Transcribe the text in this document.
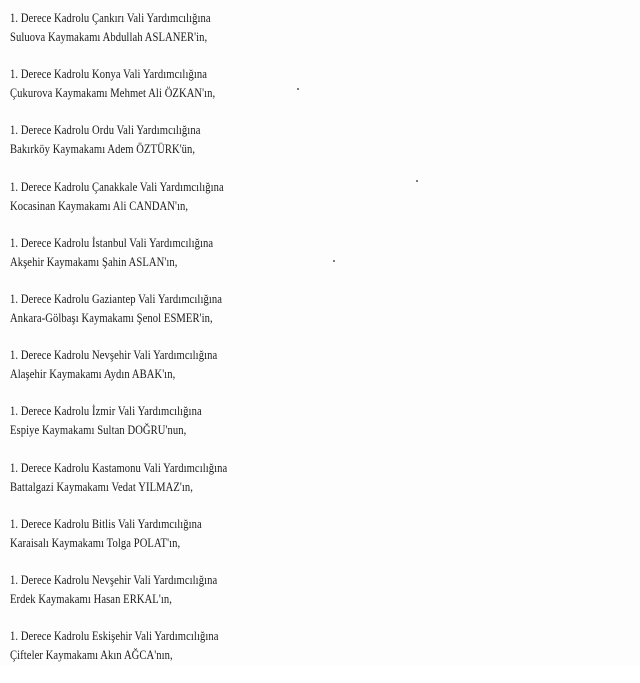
1. Derece Kadrolu Çankırı Vali Yardımcılığına
Suluova Kaymakamı Abdullah ASLANER'in,
1. Derece Kadrolu Konya Vali Yardımcılığına
Çukurova Kaymakamı Mehmet Ali ÖZKAN'ın,
1. Derece Kadrolu Ordu Vali Yardımcılığına
Bakırköy Kaymakamı Adem ÖZTÜRK'ün,
1. Derece Kadrolu Çanakkale Vali Yardımcılığına
Kocasinan Kaymakamı Ali CANDAN'ın,
1. Derece Kadrolu İstanbul Vali Yardımcılığına
Akşehir Kaymakamı Şahin ASLAN'ın,
1. Derece Kadrolu Gaziantep Vali Yardımcılığına
Ankara-Gölbaşı Kaymakamı Şenol ESMER'in,
1. Derece Kadrolu Nevşehir Vali Yardımcılığına
Alaşehir Kaymakamı Aydın ABAK'ın,
1. Derece Kadrolu İzmir Vali Yardımcılığına
Espiye Kaymakamı Sultan DOĞRU'nun,
1. Derece Kadrolu Kastamonu Vali Yardımcılığına
Battalgazi Kaymakamı Vedat YILMAZ'ın,
1. Derece Kadrolu Bitlis Vali Yardımcılığına
Karaisalı Kaymakamı Tolga POLAT'ın,
1. Derece Kadrolu Nevşehir Vali Yardımcılığına
Erdek Kaymakamı Hasan ERKAL'ın,
1. Derece Kadrolu Eskişehir Vali Yardımcılığına
Çifteler Kaymakamı Akın AĞCA'nın,
